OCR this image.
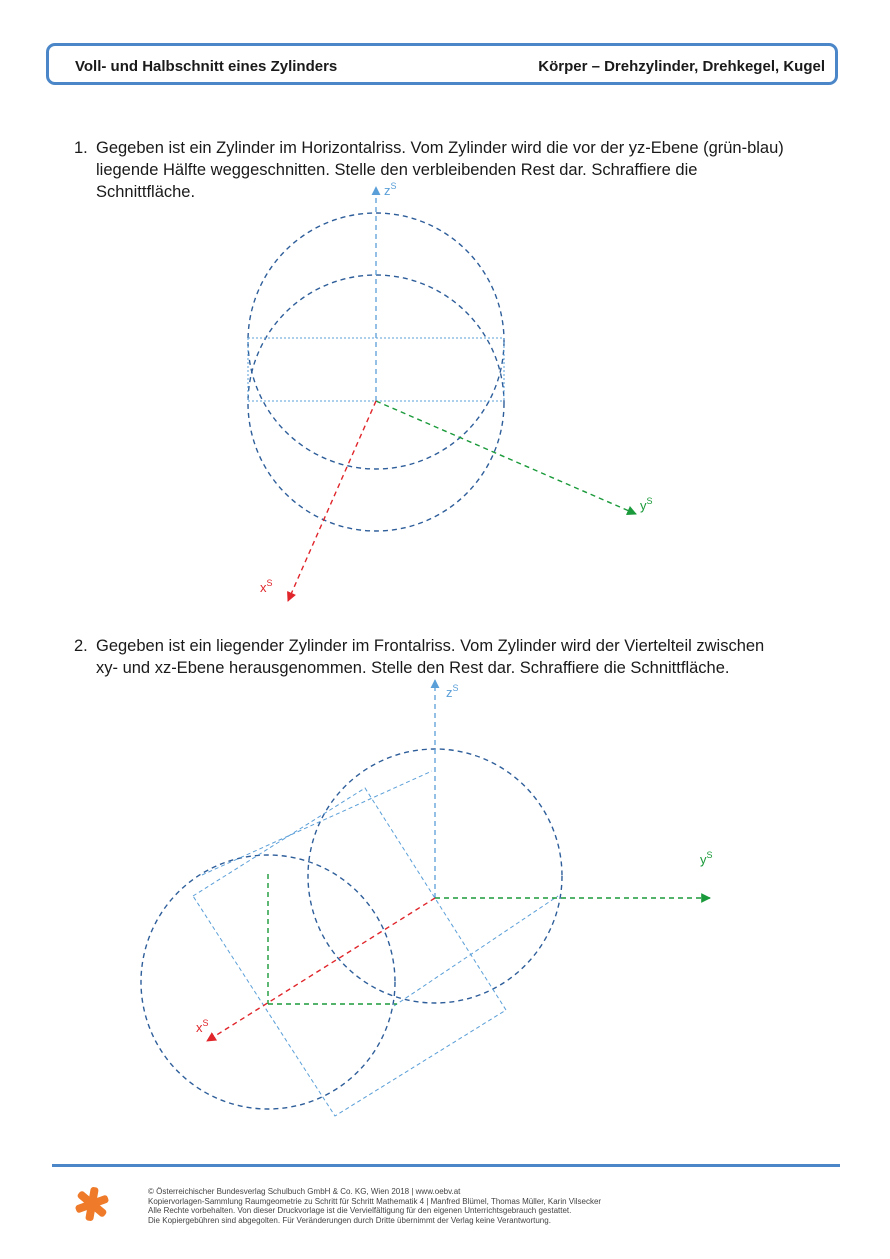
Voll- und Halbschnitt eines Zylinders	Körper – Drehzylinder, Drehkegel, Kugel
1. Gegeben ist ein Zylinder im Horizontalriss. Vom Zylinder wird die vor der yz-Ebene (grün-blau)
liegende Hälfte weggeschnitten. Stelle den verbleibenden Rest dar. Schraffiere die
Schnittfläche.
2. Gegeben ist ein liegender Zylinder im Frontalriss. Vom Zylinder wird der Viertelteil zwischen
xy- und xz-Ebene herausgenommen. Stelle den Rest dar. Schraffiere die Schnittfläche.
$z^S$
$y^S$
$x^S$
$z^S$
$y^S$
$x^S$
© Österreichischer Bundesverlag Schulbuch GmbH & Co. KG, Wien 2018 | www.oebv.at
Kopiervorlagen-Sammlung Raumgeometrie zu Schritt für Schritt Mathematik 4 | Manfred Blümel, Thomas Müller, Karin Vilsecker
Alle Rechte vorbehalten. Von dieser Druckvorlage ist die Vervielfältigung für den eigenen Unterrichtsgebrauch gestattet.
Die Kopiergebühren sind abgegolten. Für Veränderungen durch Dritte übernimmt der Verlag keine Verantwortung.
